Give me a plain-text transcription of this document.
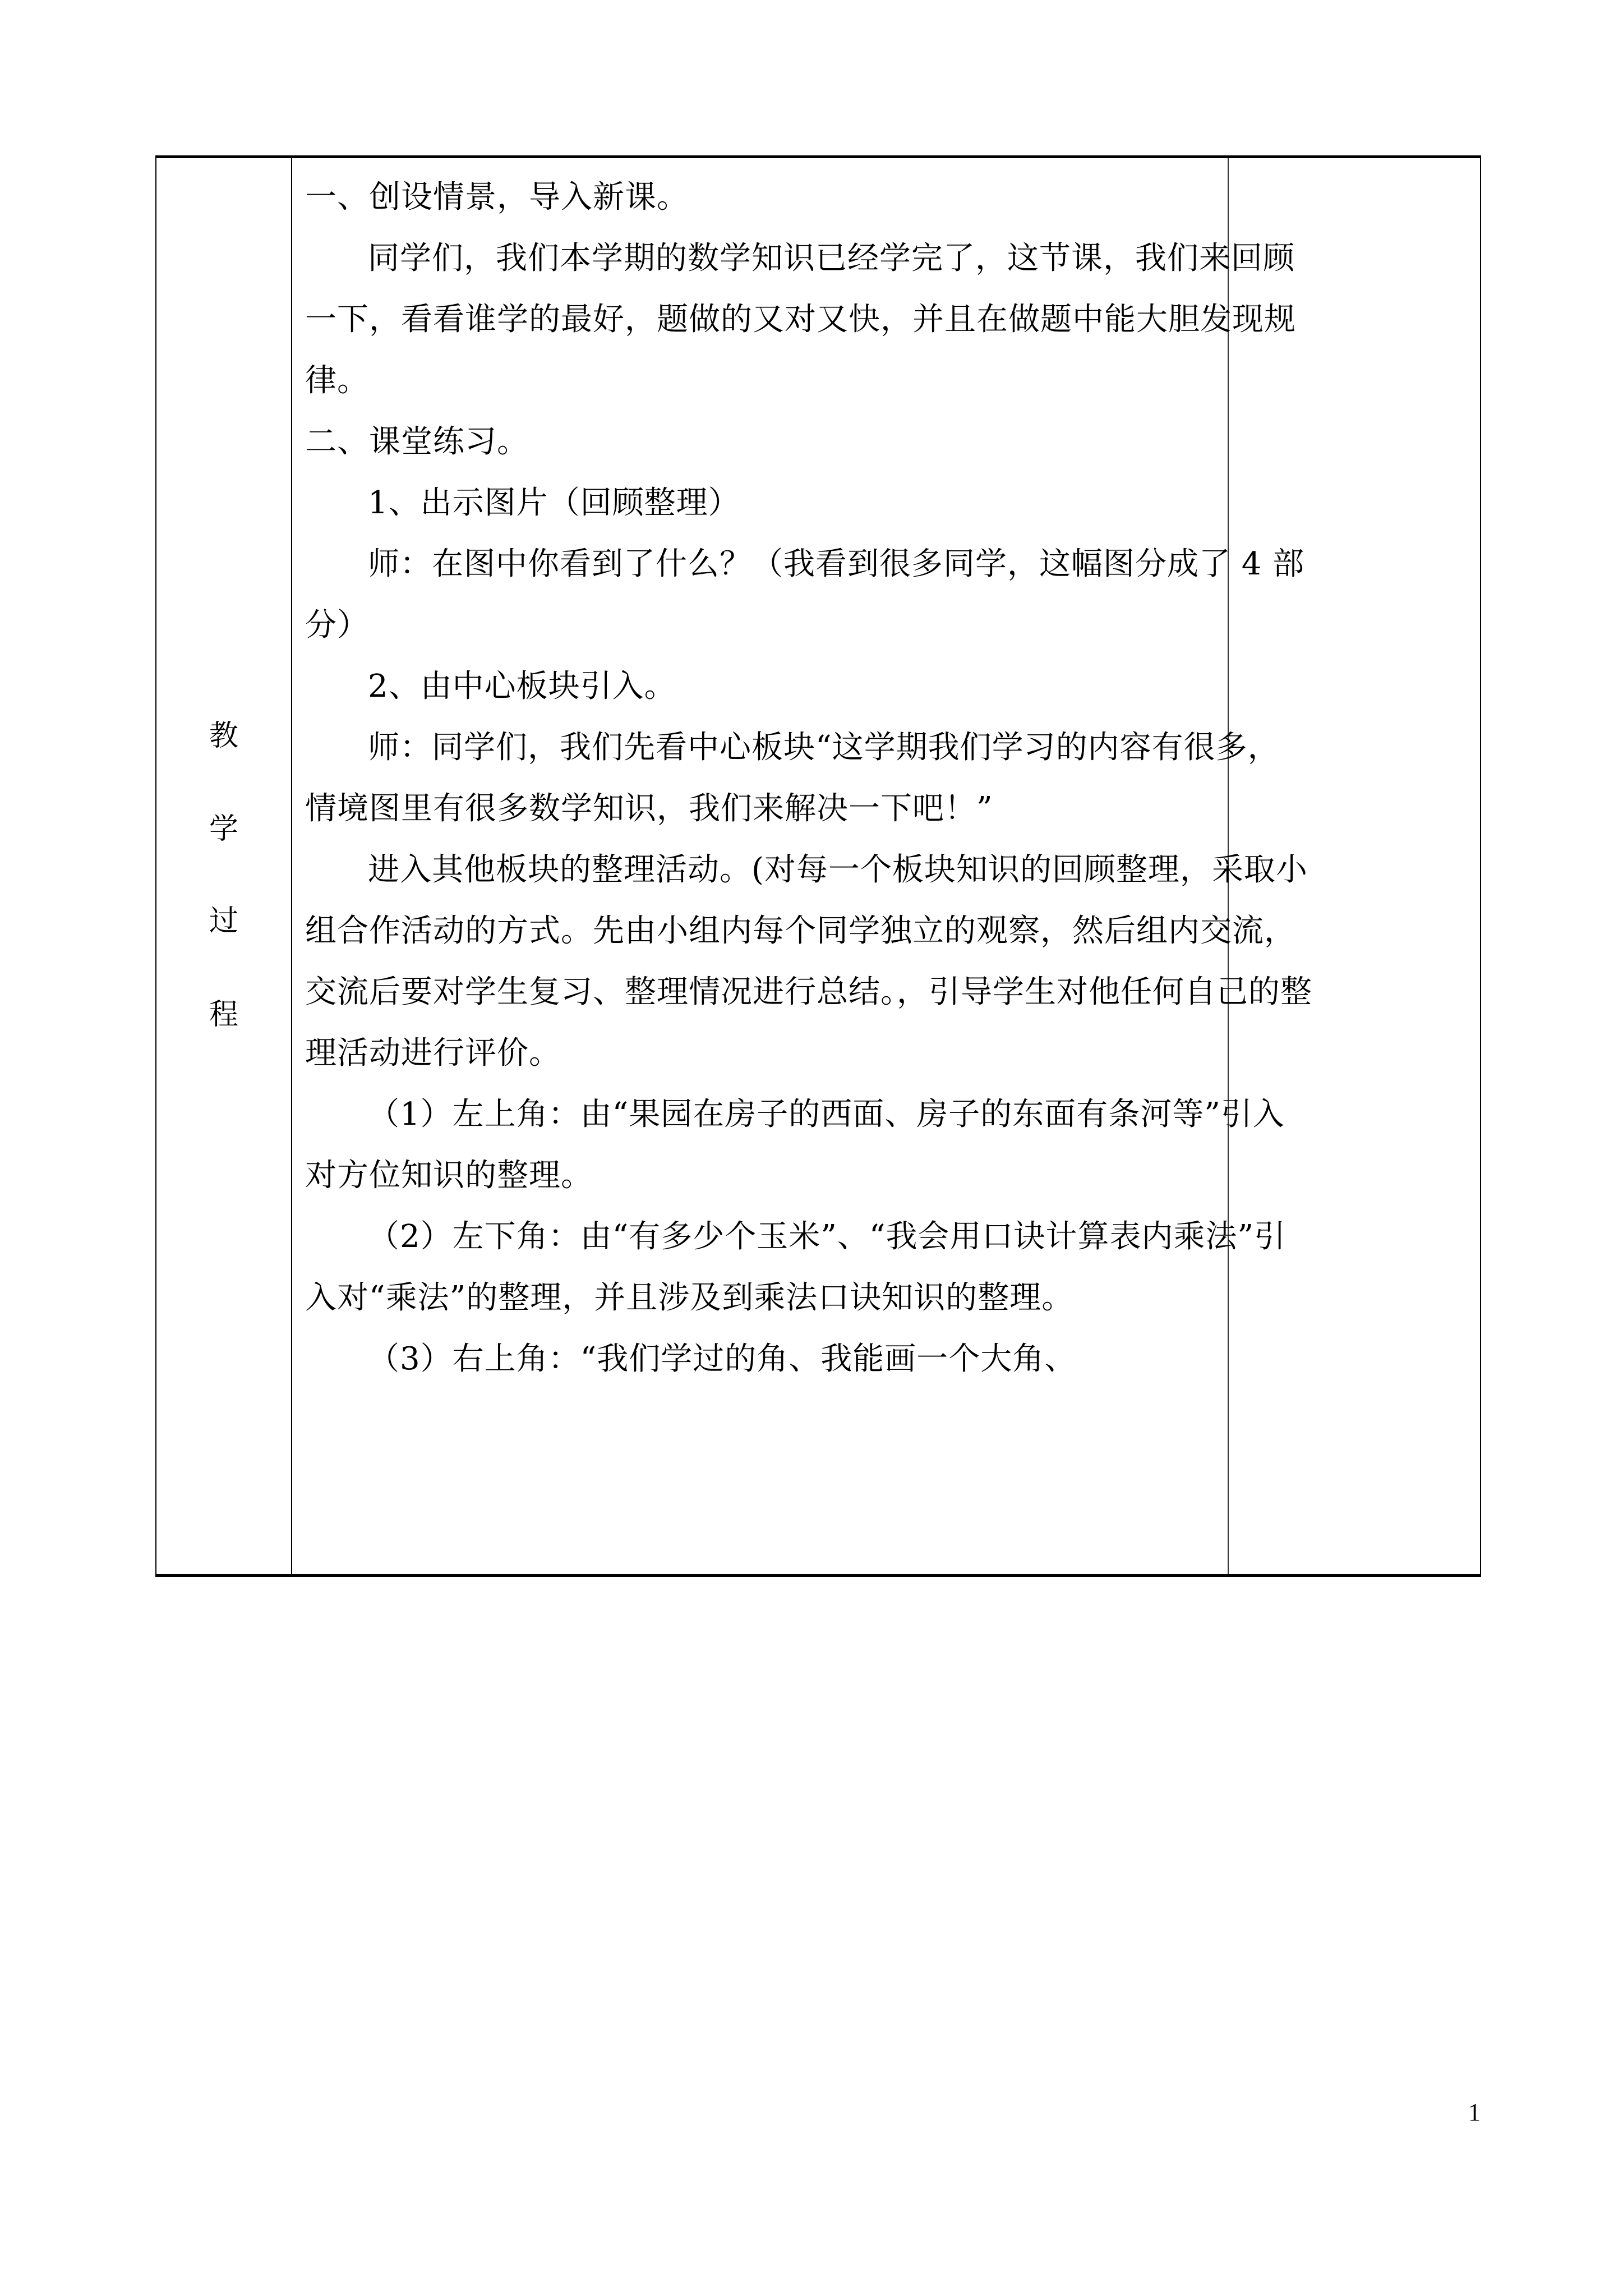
教
学
过
程
一、创设情景，导入新课。
同学们，我们本学期的数学知识已经学完了，这节课，我们来回顾
一下，看看谁学的最好，题做的又对又快，并且在做题中能大胆发现规
律。
二、课堂练习。
1、出示图片（回顾整理）
师：在图中你看到了什么？（我看到很多同学，这幅图分成了 4 部
分）
2、由中心板块引入。
师：同学们，我们先看中心板块“这学期我们学习的内容有很多，
情境图里有很多数学知识，我们来解决一下吧！”
进入其他板块的整理活动。(对每一个板块知识的回顾整理，采取小
组合作活动的方式。先由小组内每个同学独立的观察，然后组内交流，
交流后要对学生复习、整理情况进行总结。，引导学生对他任何自己的整
理活动进行评价。
（1）左上角：由“果园在房子的西面、房子的东面有条河等”引入
对方位知识的整理。
（2）左下角：由“有多少个玉米”、“我会用口诀计算表内乘法”引
入对“乘法”的整理，并且涉及到乘法口诀知识的整理。
（3）右上角：“我们学过的角、我能画一个大角、
1
